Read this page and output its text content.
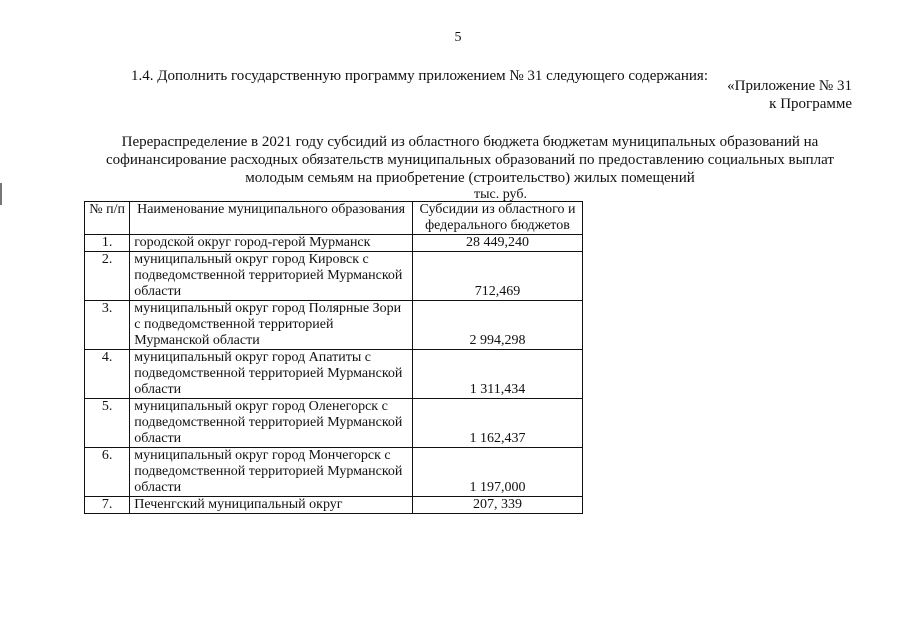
5
1.4. Дополнить государственную программу приложением № 31 следующего содержания:
«Приложение № 31
к Программе
Перераспределение в 2021 году субсидий из областного бюджета бюджетам муниципальных образований на софинансирование расходных обязательств муниципальных образований по предоставлению социальных выплат молодым семьям на приобретение (строительство) жилых помещений
тыс. руб.
№ п/п	Наименование муниципального образования	Субсидии из областного и федерального бюджетов
1.	городской округ город-герой Мурманск	28 449,240
2.	муниципальный округ город Кировск с подведомственной территорией Мурманской области	712,469
3.	муниципальный округ город Полярные Зори с подведомственной территорией Мурманской области	2 994,298
4.	муниципальный округ город Апатиты с подведомственной территорией Мурманской области	1 311,434
5.	муниципальный округ город Оленегорск с подведомственной территорией Мурманской области	1 162,437
6.	муниципальный округ город Мончегорск с подведомственной территорией Мурманской области	1 197,000
7.	Печенгский муниципальный округ	207, 339
